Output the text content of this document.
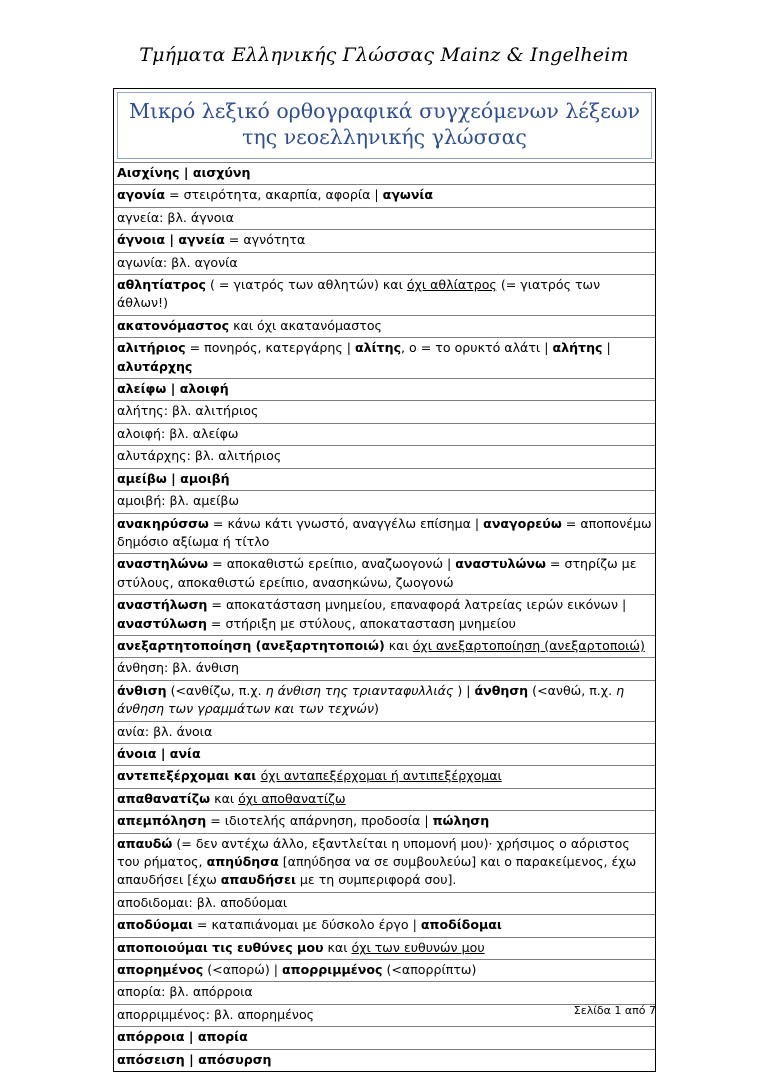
Τμήματα Ελληνικής Γλώσσας Mainz & Ingelheim
Μικρό λεξικό ορθογραφικά συγχεόμενων λέξεων της νεοελληνικής γλώσσας
Αισχίνης | αισχύνη
αγονία = στειρότητα, ακαρπία, αφορία | αγωνία
αγνεία: βλ. άγνοια
άγνοια | αγνεία = αγνότητα
αγωνία: βλ. αγονία
αθλητίατρος ( = γιατρός των αθλητών) και όχι αθλίατρος (= γιατρός των άθλων!)
ακατονόμαστος και όχι ακατανόμαστος
αλιτήριος = πονηρός, κατεργάρης | αλίτης, ο = το ορυκτό αλάτι | αλήτης | αλυτάρχης
αλείφω | αλοιφή
αλήτης: βλ. αλιτήριος
αλοιφή: βλ. αλείφω
αλυτάρχης: βλ. αλιτήριος
αμείβω | αμοιβή
αμοιβή: βλ. αμείβω
ανακηρύσσω = κάνω κάτι γνωστό, αναγγέλω επίσημα | αναγορεύω = απoπονέμω δημόσιο αξίωμα ή τίτλο
αναστηλώνω = αποκαθιστώ ερείπιο, αναζωογονώ | αναστυλώνω = στηρίζω με στύλους, αποκαθιστώ ερείπιο, ανασηκώνω, ζωογονώ
αναστήλωση = αποκατάσταση μνημείου, επαναφορά λατρείας ιερών εικόνων | αναστύλωση = στήριξη με στύλους, αποκατασταση μνημείου
ανεξαρτητοποίηση (ανεξαρτητοποιώ) και όχι ανεξαρτοποίηση (ανεξαρτοποιώ)
άνθηση: βλ. άνθιση
άνθιση (<ανθίζω, π.χ. η άνθιση της τριανταφυλλιάς ) | άνθηση (<ανθώ, π.χ. η άνθηση των γραμμάτων και των τεχνών)
ανία: βλ. άνοια
άνοια | ανία
αντεπεξέρχομαι και όχι ανταπεξέρχομαι ή αντιπεξέρχομαι
απαθανατίζω και όχι αποθανατίζω
απεμπόληση = ιδιοτελής απάρνηση, προδοσία | πώληση
απαυδώ (= δεν αντέχω άλλο, εξαντλείται η υπομονή μου)· χρήσιμος ο αόριστος του ρήματος, απηύδησα [απηύδησα να σε συμβουλεύω] και ο παρακείμενος, έχω απαυδήσει [έχω απαυδήσει με τη συμπεριφορά σου].
αποδιδομαι: βλ. αποδύομαι
αποδύομαι = καταπιάνομαι με δύσκολο έργο | αποδίδομαι
αποποιούμαι τις ευθύνες μου και όχι των ευθυνών μου
απορημένος (<απορώ) | απορριμμένος (<απορρίπτω)
απορία: βλ. απόρροια
απορριμμένος: βλ. απορημένος
απόρροια | απορία
απόσειση | απόσυρση
Σελίδα 1 από 7
